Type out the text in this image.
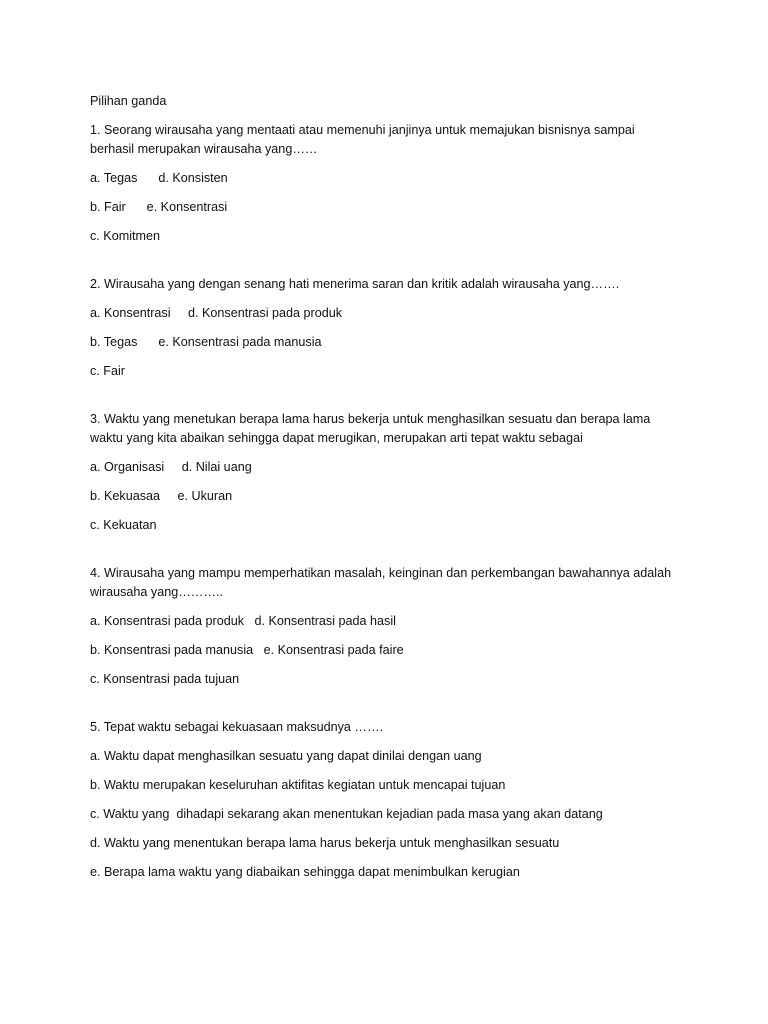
Pilihan ganda
1. Seorang wirausaha yang mentaati atau memenuhi janjinya untuk memajukan bisnisnya sampai
berhasil merupakan wirausaha yang……
a. Tegas      d. Konsisten
b. Fair      e. Konsentrasi
c. Komitmen
2. Wirausaha yang dengan senang hati menerima saran dan kritik adalah wirausaha yang…….
a. Konsentrasi     d. Konsentrasi pada produk
b. Tegas      e. Konsentrasi pada manusia
c. Fair
3. Waktu yang menetukan berapa lama harus bekerja untuk menghasilkan sesuatu dan berapa lama
waktu yang kita abaikan sehingga dapat merugikan, merupakan arti tepat waktu sebagai
a. Organisasi     d. Nilai uang
b. Kekuasaa     e. Ukuran
c. Kekuatan
4. Wirausaha yang mampu memperhatikan masalah, keinginan dan perkembangan bawahannya adalah
wirausaha yang………..
a. Konsentrasi pada produk   d. Konsentrasi pada hasil
b. Konsentrasi pada manusia   e. Konsentrasi pada faire
c. Konsentrasi pada tujuan
5. Tepat waktu sebagai kekuasaan maksudnya …….
a. Waktu dapat menghasilkan sesuatu yang dapat dinilai dengan uang
b. Waktu merupakan keseluruhan aktifitas kegiatan untuk mencapai tujuan
c. Waktu yang  dihadapi sekarang akan menentukan kejadian pada masa yang akan datang
d. Waktu yang menentukan berapa lama harus bekerja untuk menghasilkan sesuatu
e. Berapa lama waktu yang diabaikan sehingga dapat menimbulkan kerugian
